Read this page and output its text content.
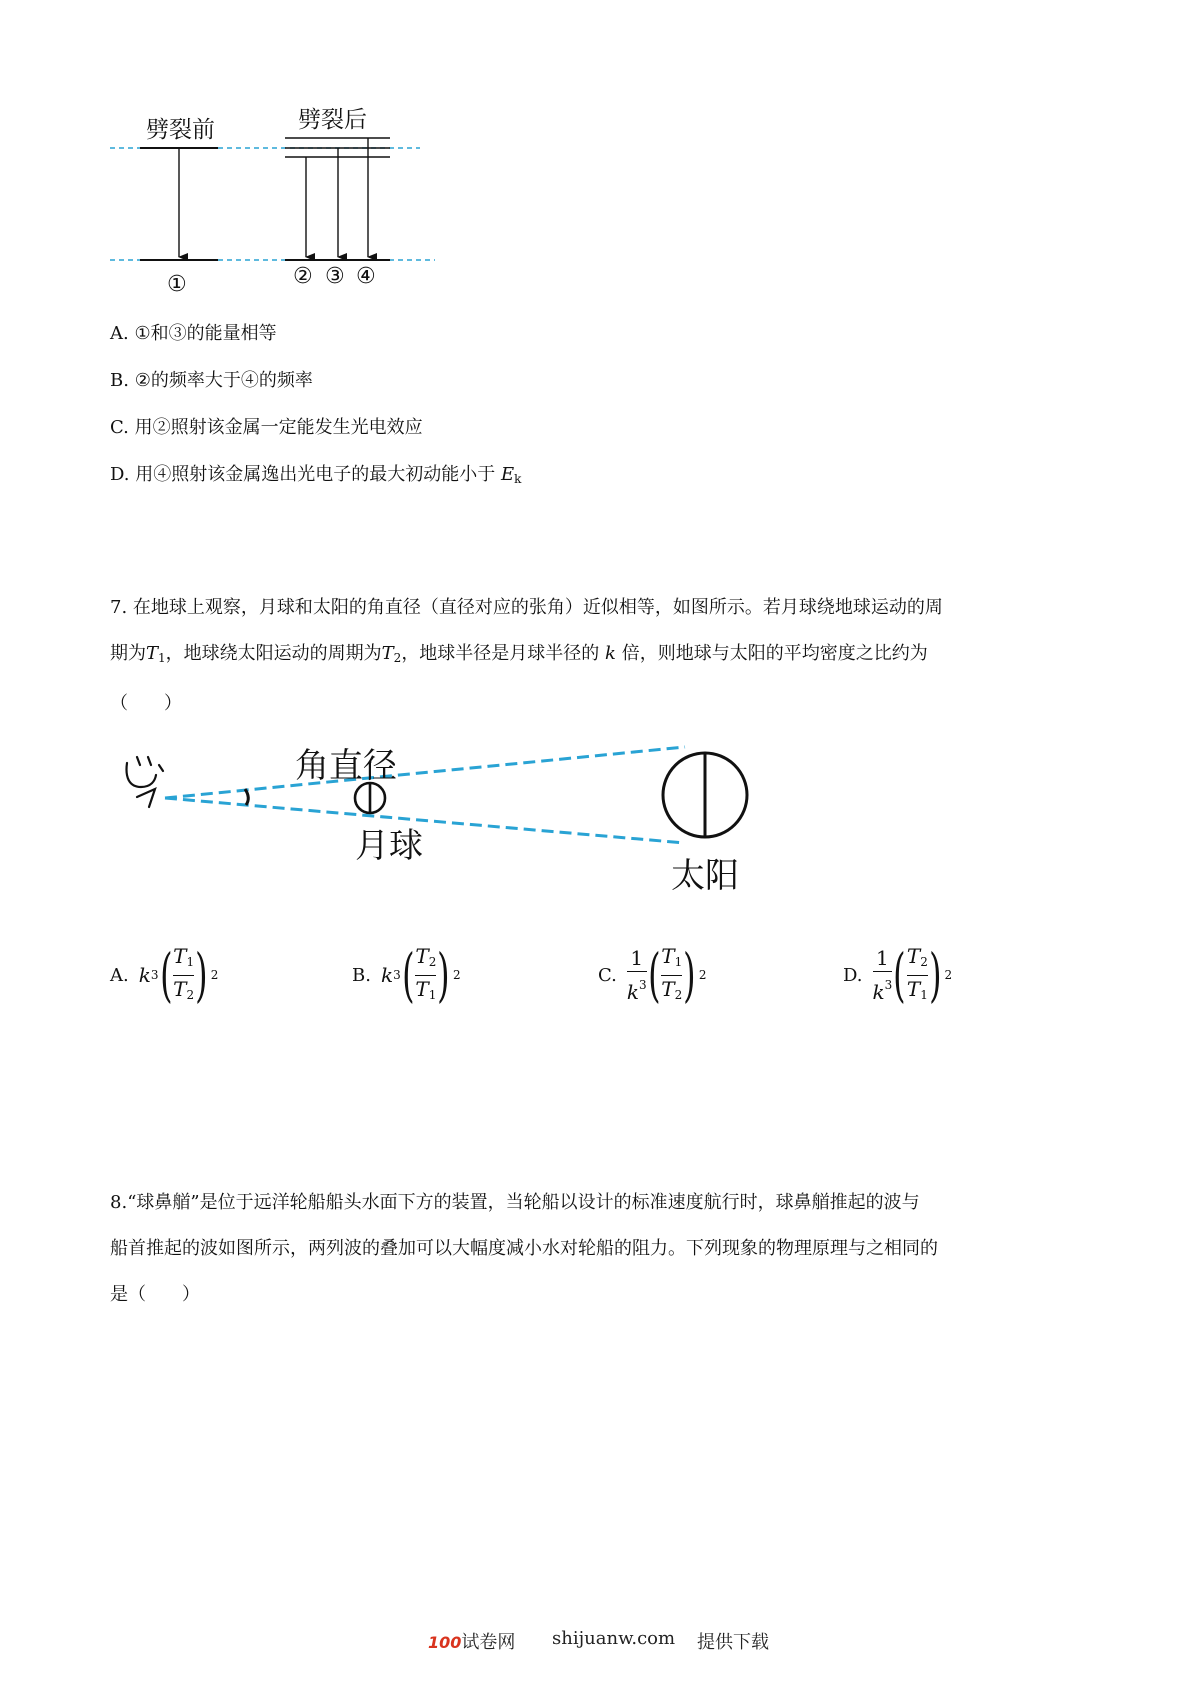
劈裂前	劈裂后
①	② ③ ④
A. ①和③的能量相等
B. ②的频率大于④的频率
C. 用②照射该金属一定能发生光电效应
D. 用④照射该金属逸出光电子的最大初动能小于 $E_k$
7. 在地球上观察，月球和太阳的角直径（直径对应的张角）近似相等，如图所示。若月球绕地球运动的周
期为$T_1$，地球绕太阳运动的周期为$T_2$，地球半径是月球半径的 k 倍，则地球与太阳的平均密度之比约为
（　　）
角直径
月球
太阳
A. k 3 ( $\frac{T_1}{T_2}$ ) 2	B. k 3 ( $\frac{T_2}{T_1}$ ) 2	C. $\frac{1}{k^3}$ ( $\frac{T_1}{T_2}$ ) 2	D. $\frac{1}{k^3}$ ( $\frac{T_2}{T_1}$ ) 2
8.“球鼻艏”是位于远洋轮船船头水面下方的装置，当轮船以设计的标准速度航行时，球鼻艏推起的波与
船首推起的波如图所示，两列波的叠加可以大幅度减小水对轮船的阻力。下列现象的物理原理与之相同的
是（　　）
100试卷网 shijuanw.com 提供下载
